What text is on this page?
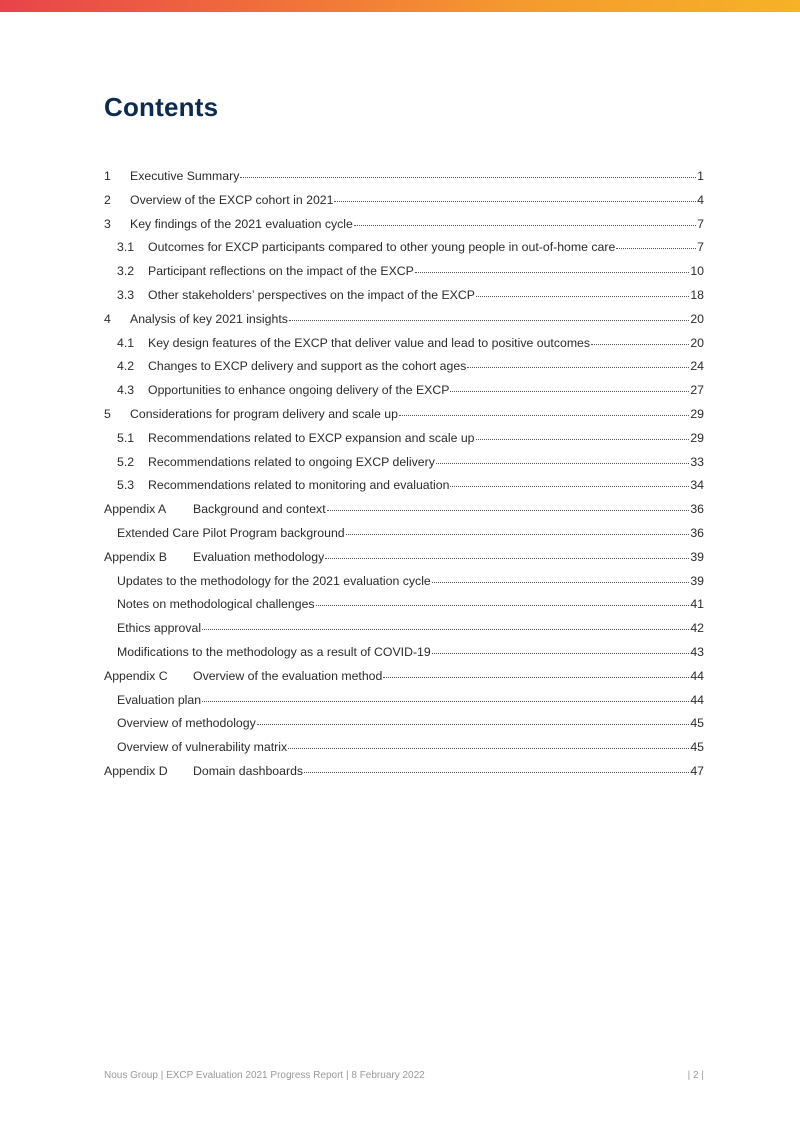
Contents
1	Executive Summary	1
2	Overview of the EXCP cohort in 2021	4
3	Key findings of the 2021 evaluation cycle	7
3.1	Outcomes for EXCP participants compared to other young people in out-of-home care	7
3.2	Participant reflections on the impact of the EXCP	10
3.3	Other stakeholders’ perspectives on the impact of the EXCP	18
4	Analysis of key 2021 insights	20
4.1	Key design features of the EXCP that deliver value and lead to positive outcomes	20
4.2	Changes to EXCP delivery and support as the cohort ages	24
4.3	Opportunities to enhance ongoing delivery of the EXCP	27
5	Considerations for program delivery and scale up	29
5.1	Recommendations related to EXCP expansion and scale up	29
5.2	Recommendations related to ongoing EXCP delivery	33
5.3	Recommendations related to monitoring and evaluation	34
Appendix A	Background and context	36
Extended Care Pilot Program background	36
Appendix B	Evaluation methodology	39
Updates to the methodology for the 2021 evaluation cycle	39
Notes on methodological challenges	41
Ethics approval	42
Modifications to the methodology as a result of COVID-19	43
Appendix C	Overview of the evaluation method	44
Evaluation plan	44
Overview of methodology	45
Overview of vulnerability matrix	45
Appendix D	Domain dashboards	47
Nous Group | EXCP Evaluation 2021 Progress Report | 8 February 2022	| 2 |
